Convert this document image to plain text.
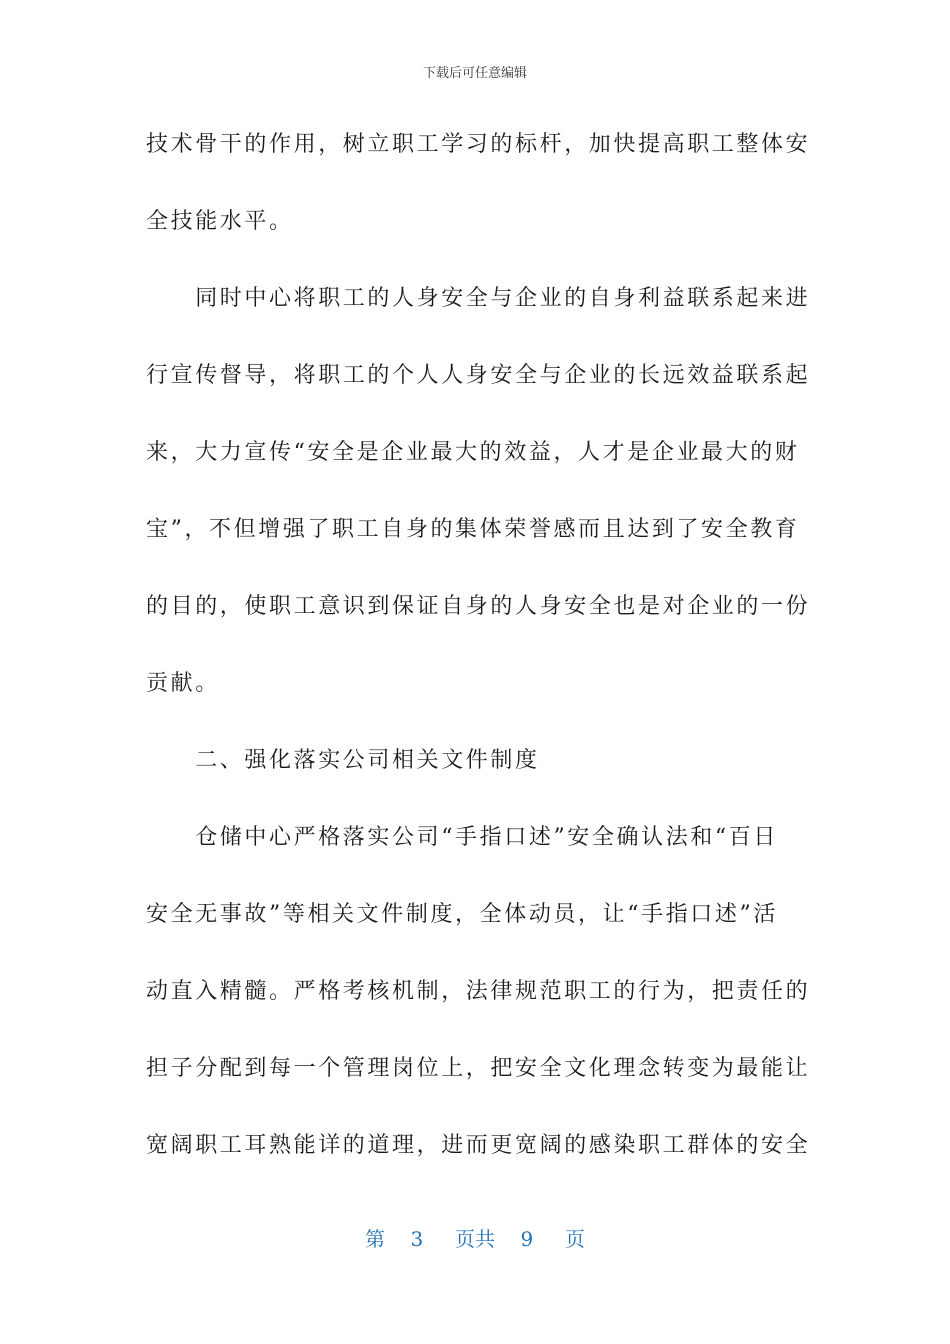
下载后可任意编辑
技术骨干的作用，树立职工学习的标杆，加快提高职工整体安
全技能水平。
　　同时中心将职工的人身安全与企业的自身利益联系起来进
行宣传督导，将职工的个人人身安全与企业的长远效益联系起
来，大力宣传“安全是企业最大的效益，人才是企业最大的财
宝”，不但增强了职工自身的集体荣誉感而且达到了安全教育
的目的，使职工意识到保证自身的人身安全也是对企业的一份
贡献。
　　二、强化落实公司相关文件制度
　　仓储中心严格落实公司“手指口述”安全确认法和“百日
安全无事故”等相关文件制度，全体动员，让“手指口述”活
动直入精髓。严格考核机制，法律规范职工的行为，把责任的
担子分配到每一个管理岗位上，把安全文化理念转变为最能让
宽阔职工耳熟能详的道理，进而更宽阔的感染职工群体的安全
第 3 页共 9 页
